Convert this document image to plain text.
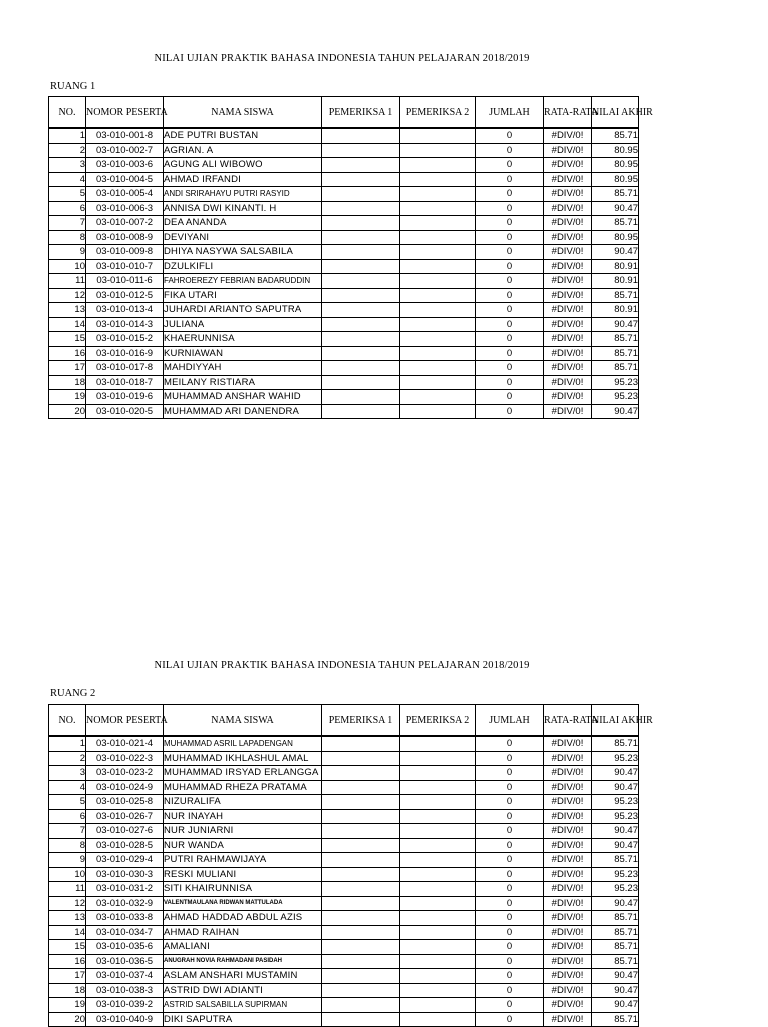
NILAI UJIAN PRAKTIK BAHASA INDONESIA TAHUN PELAJARAN 2018/2019
RUANG 1
NO.	NOMOR PESERTA	NAMA SISWA	PEMERIKSA 1	PEMERIKSA 2	JUMLAH	RATA-RATA	NILAI AKHIR
1	03-010-001-8	ADE PUTRI BUSTAN			0	#DIV/0!	85.71
2	03-010-002-7	AGRIAN. A			0	#DIV/0!	80.95
3	03-010-003-6	AGUNG ALI WIBOWO			0	#DIV/0!	80.95
4	03-010-004-5	AHMAD IRFANDI			0	#DIV/0!	80.95
5	03-010-005-4	ANDI SRIRAHAYU PUTRI RASYID			0	#DIV/0!	85.71
6	03-010-006-3	ANNISA DWI KINANTI. H			0	#DIV/0!	90.47
7	03-010-007-2	DEA ANANDA			0	#DIV/0!	85.71
8	03-010-008-9	DEVIYANI			0	#DIV/0!	80.95
9	03-010-009-8	DHIYA NASYWA SALSABILA			0	#DIV/0!	90.47
10	03-010-010-7	DZULKIFLI			0	#DIV/0!	80.91
11	03-010-011-6	FAHROEREZY FEBRIAN BADARUDDIN			0	#DIV/0!	80.91
12	03-010-012-5	FIKA UTARI			0	#DIV/0!	85.71
13	03-010-013-4	JUHARDI ARIANTO SAPUTRA			0	#DIV/0!	80.91
14	03-010-014-3	JULIANA			0	#DIV/0!	90.47
15	03-010-015-2	KHAERUNNISA			0	#DIV/0!	85.71
16	03-010-016-9	KURNIAWAN			0	#DIV/0!	85.71
17	03-010-017-8	MAHDIYYAH			0	#DIV/0!	85.71
18	03-010-018-7	MEILANY RISTIARA			0	#DIV/0!	95.23
19	03-010-019-6	MUHAMMAD ANSHAR WAHID			0	#DIV/0!	95.23
20	03-010-020-5	MUHAMMAD ARI DANENDRA			0	#DIV/0!	90.47
NILAI UJIAN PRAKTIK BAHASA INDONESIA TAHUN PELAJARAN 2018/2019
RUANG 2
NO.	NOMOR PESERTA	NAMA SISWA	PEMERIKSA 1	PEMERIKSA 2	JUMLAH	RATA-RATA	NILAI AKHIR
1	03-010-021-4	MUHAMMAD ASRIL LAPADENGAN			0	#DIV/0!	85.71
2	03-010-022-3	MUHAMMAD IKHLASHUL AMAL			0	#DIV/0!	95.23
3	03-010-023-2	MUHAMMAD IRSYAD ERLANGGA			0	#DIV/0!	90.47
4	03-010-024-9	MUHAMMAD RHEZA PRATAMA			0	#DIV/0!	90.47
5	03-010-025-8	NIZURALIFA			0	#DIV/0!	95.23
6	03-010-026-7	NUR INAYAH			0	#DIV/0!	95.23
7	03-010-027-6	NUR JUNIARNI			0	#DIV/0!	90.47
8	03-010-028-5	NUR WANDA			0	#DIV/0!	90.47
9	03-010-029-4	PUTRI RAHMAWIJAYA			0	#DIV/0!	85.71
10	03-010-030-3	RESKI MULIANI			0	#DIV/0!	95.23
11	03-010-031-2	SITI KHAIRUNNISA			0	#DIV/0!	95.23
12	03-010-032-9	VALENTMAULANA RIDWAN MATTULADA			0	#DIV/0!	90.47
13	03-010-033-8	AHMAD HADDAD ABDUL AZIS			0	#DIV/0!	85.71
14	03-010-034-7	AHMAD RAIHAN			0	#DIV/0!	85.71
15	03-010-035-6	AMALIANI			0	#DIV/0!	85.71
16	03-010-036-5	ANUGRAH NOVIA RAHMADANI PASIDAH			0	#DIV/0!	85.71
17	03-010-037-4	ASLAM ANSHARI MUSTAMIN			0	#DIV/0!	90.47
18	03-010-038-3	ASTRID DWI ADIANTI			0	#DIV/0!	90.47
19	03-010-039-2	ASTRID SALSABILLA SUPIRMAN			0	#DIV/0!	90.47
20	03-010-040-9	DIKI SAPUTRA			0	#DIV/0!	85.71
